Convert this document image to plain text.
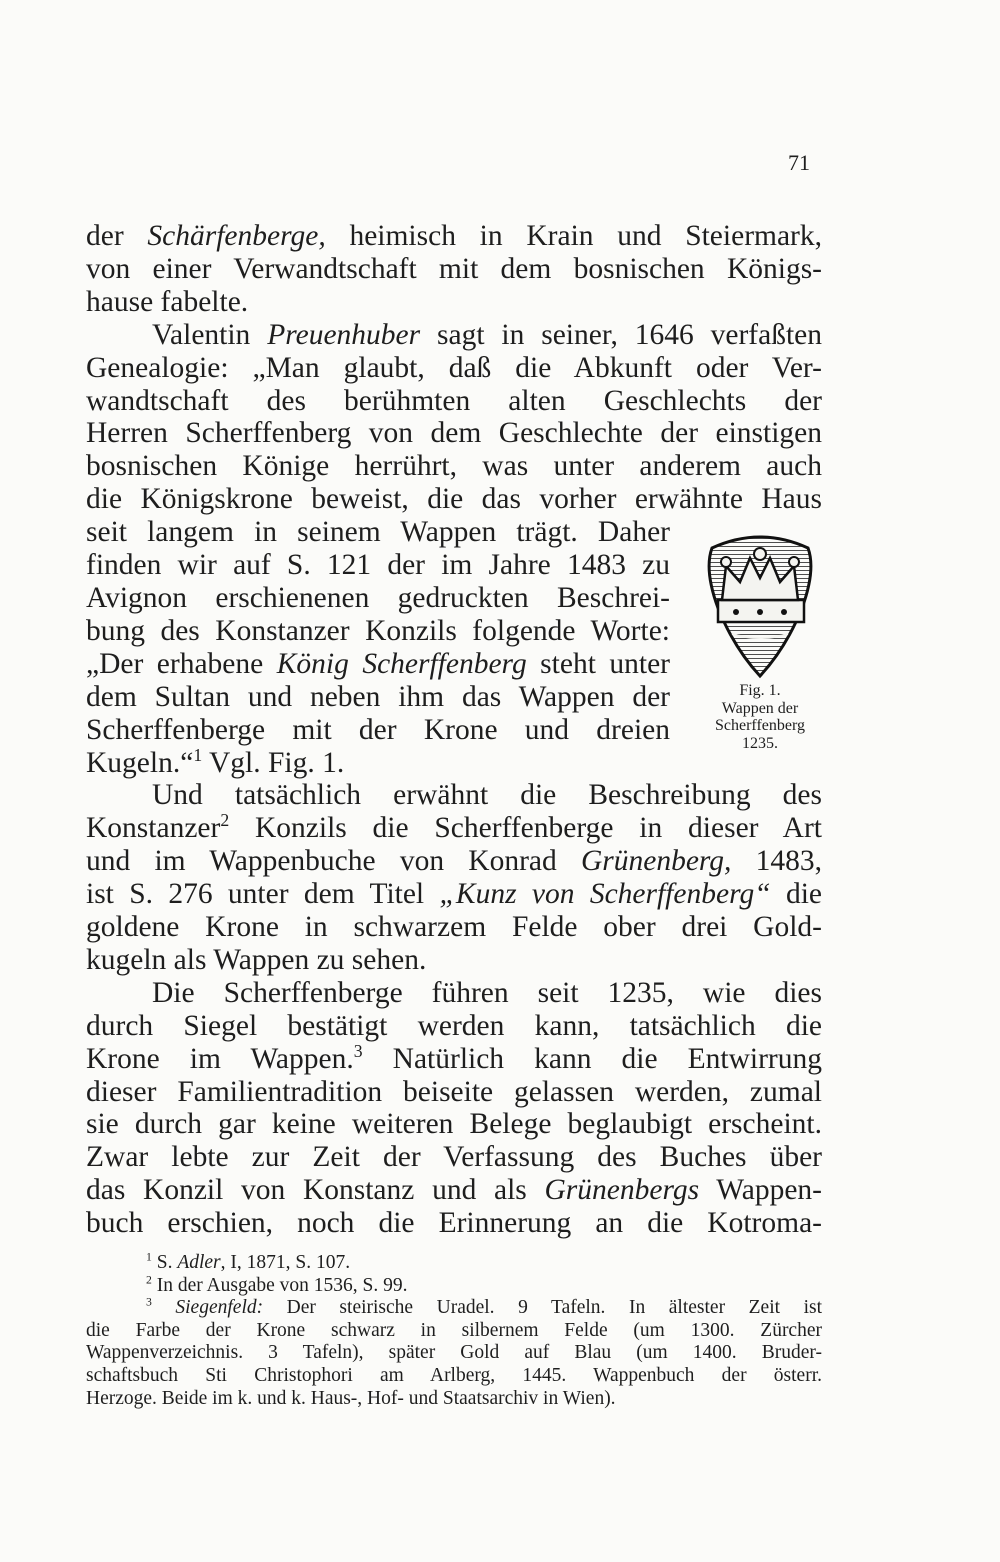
71
der Schärfenberge, heimisch in Krain und Steiermark,
von einer Verwandtschaft mit dem bosnischen Königs-
hause fabelte.
Valentin Preuenhuber sagt in seiner, 1646 verfaßten
Genealogie: „Man glaubt, daß die Abkunft oder Ver-
wandtschaft des berühmten alten Geschlechts der
Herren Scherffenberg von dem Geschlechte der einstigen
bosnischen Könige herrührt, was unter anderem auch
die Königskrone beweist, die das vorher erwähnte Haus
seit langem in seinem Wappen trägt. Daher
finden wir auf S. 121 der im Jahre 1483 zu
Avignon erschienenen gedruckten Beschrei-
bung des Konstanzer Konzils folgende Worte:
„Der erhabene König Scherffenberg steht unter
dem Sultan und neben ihm das Wappen der
Scherffenberge mit der Krone und dreien
Kugeln.“$^1$ Vgl. Fig. 1.
Und tatsächlich erwähnt die Beschreibung des
Konstanzer$^2$ Konzils die Scherffenberge in dieser Art
und im Wappenbuche von Konrad Grünenberg, 1483,
ist S. 276 unter dem Titel „Kunz von Scherffenberg“ die
goldene Krone in schwarzem Felde ober drei Gold-
kugeln als Wappen zu sehen.
Die Scherffenberge führen seit 1235, wie dies
durch Siegel bestätigt werden kann, tatsächlich die
Krone im Wappen.$^3$ Natürlich kann die Entwirrung
dieser Familientradition beiseite gelassen werden, zumal
sie durch gar keine weiteren Belege beglaubigt erscheint.
Zwar lebte zur Zeit der Verfassung des Buches über
das Konzil von Konstanz und als Grünenbergs Wappen-
buch erschien, noch die Erinnerung an die Kotroma-
Fig. 1.
Wappen der
Scherffenberg
1235.
$^1$ S. Adler, I, 1871, S. 107.
$^2$ In der Ausgabe von 1536, S. 99.
$^3$ Siegenfeld: Der steirische Uradel. 9 Tafeln. In ältester Zeit ist
die Farbe der Krone schwarz in silbernem Felde (um 1300. Zürcher
Wappenverzeichnis. 3 Tafeln), später Gold auf Blau (um 1400. Bruder-
schaftsbuch Sti Christophori am Arlberg, 1445. Wappenbuch der österr.
Herzoge. Beide im k. und k. Haus-, Hof- und Staatsarchiv in Wien).
